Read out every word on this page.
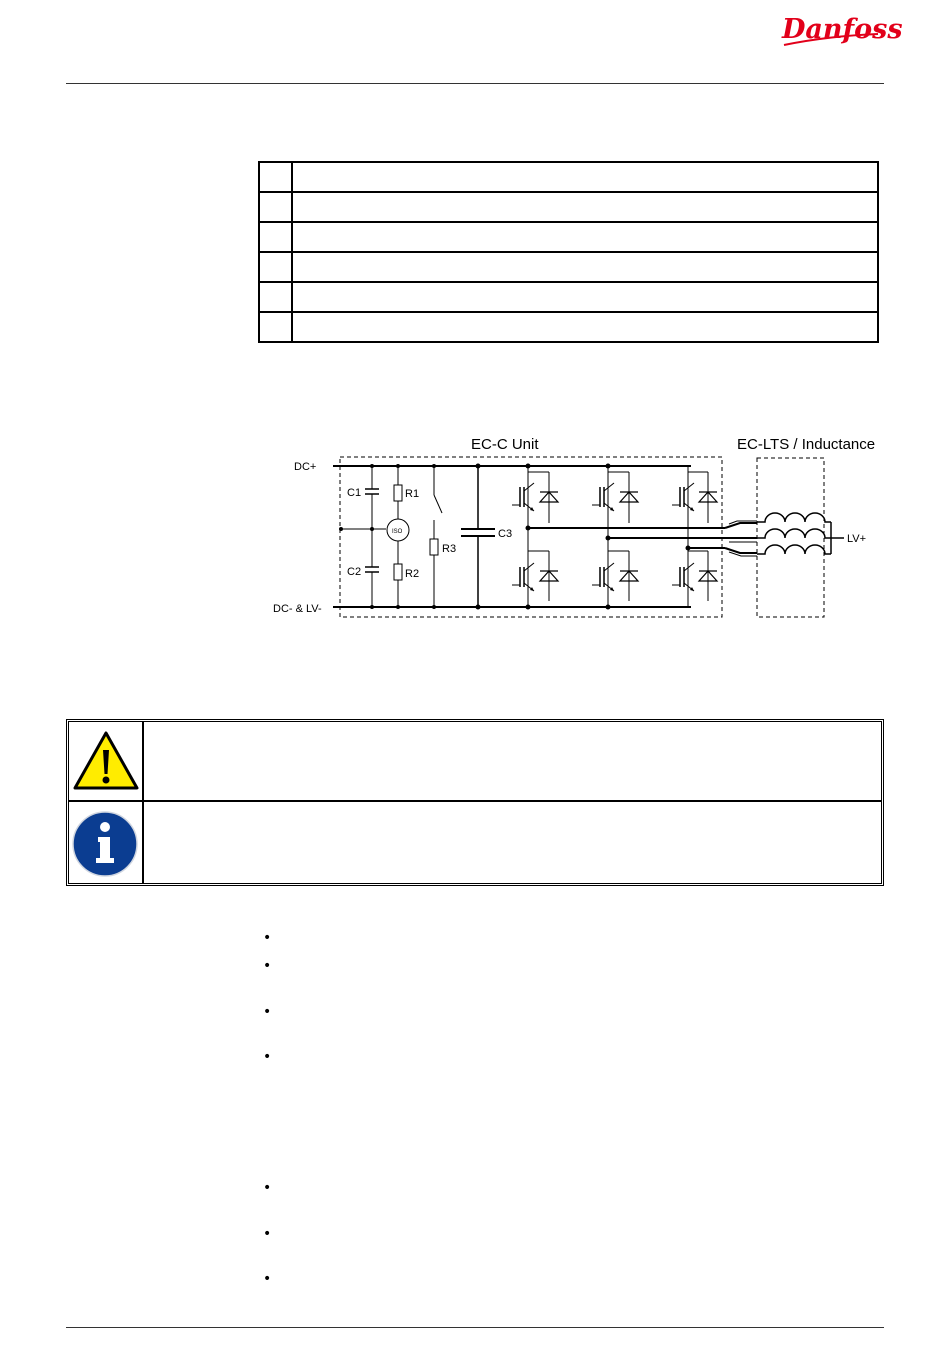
Danfoss

EC-C Unit	EC-LTS / Inductance
DC+
DC- & LV-
LV+
C1
C2
ISO
R1
R2
R3
C3
•
•
•
•
•
•
•
